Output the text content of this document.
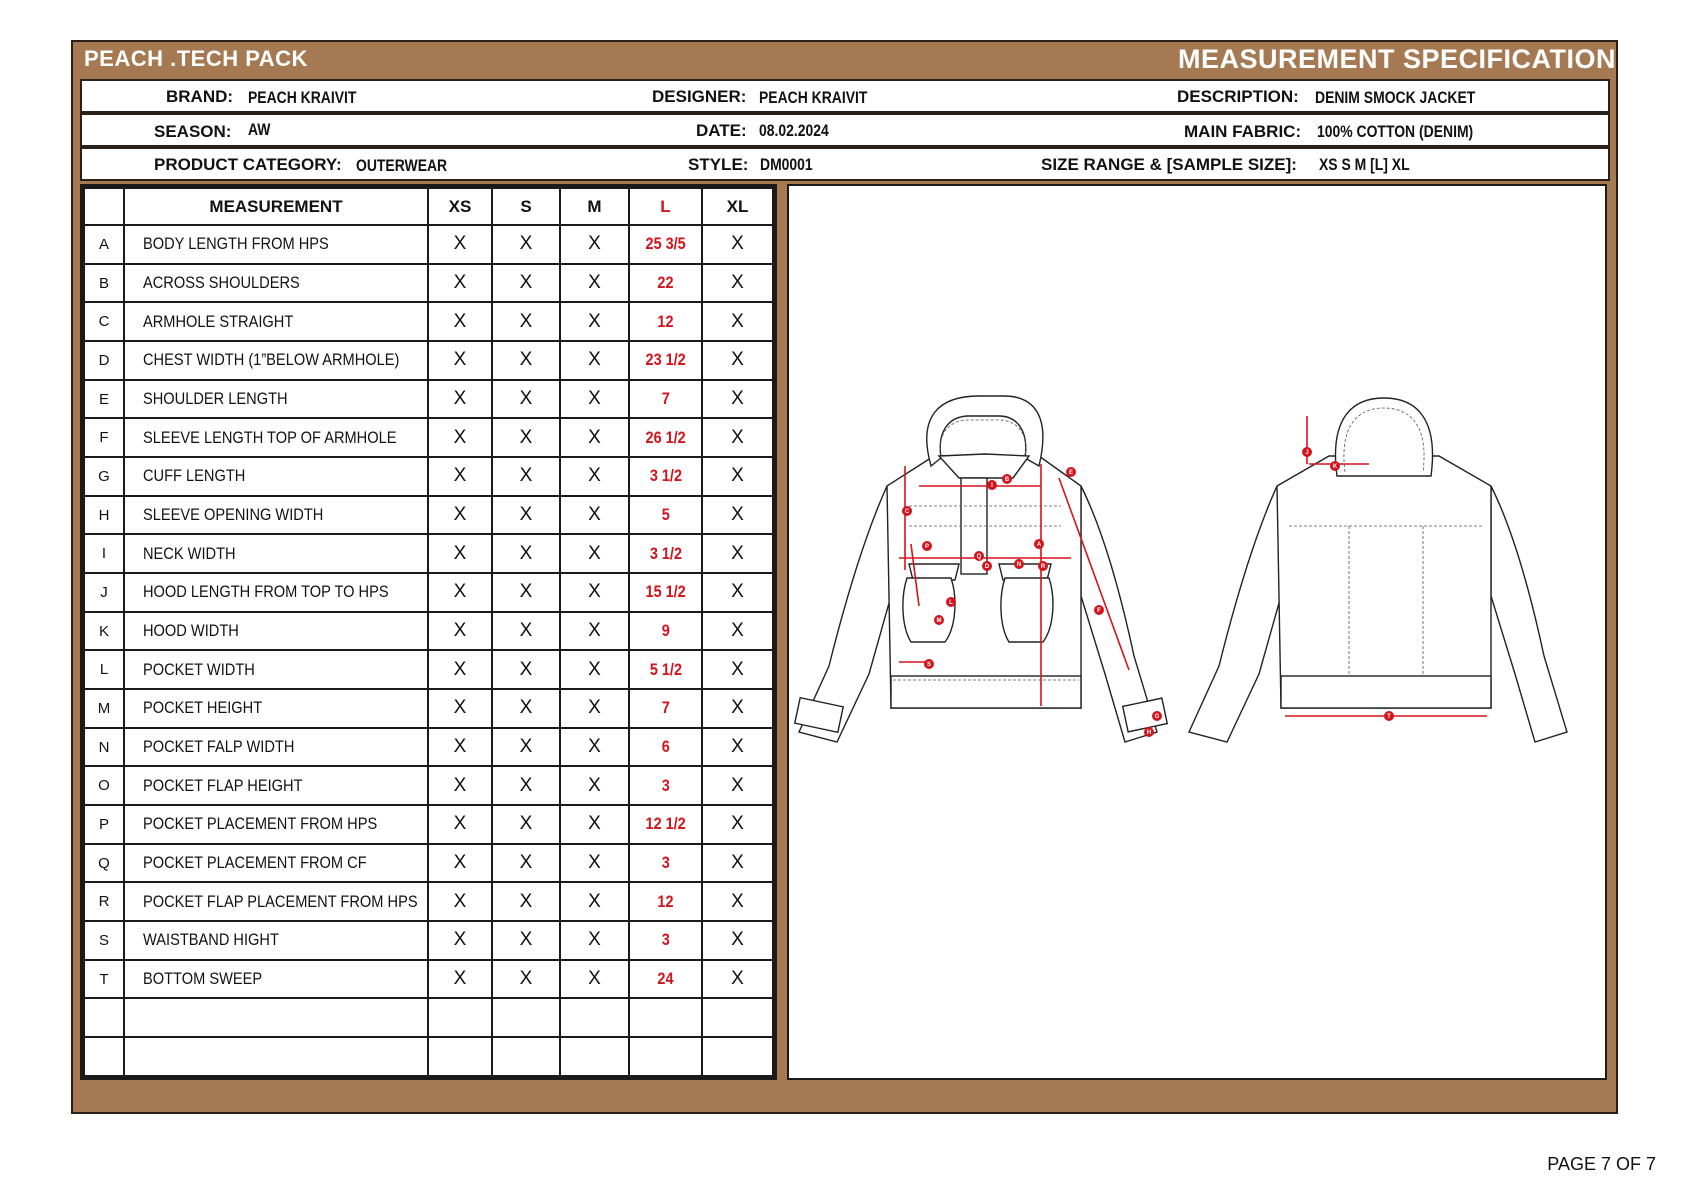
PEACH .TECH PACK	MEASUREMENT SPECIFICATION
BRAND: PEACH KRAIVIT	DESIGNER: PEACH KRAIVIT	DESCRIPTION: DENIM SMOCK JACKET
SEASON: AW	DATE: 08.02.2024	MAIN FABRIC: 100% COTTON (DENIM)
PRODUCT CATEGORY: OUTERWEAR	STYLE: DM0001	SIZE RANGE & [SAMPLE SIZE]: XS S M [L] XL
	MEASUREMENT	XS	S	M	L	XL
A	BODY LENGTH FROM HPS	X	X	X	25 3/5	X
B	ACROSS SHOULDERS	X	X	X	22	X
C	ARMHOLE STRAIGHT	X	X	X	12	X
D	CHEST WIDTH (1”BELOW ARMHOLE)	X	X	X	23 1/2	X
E	SHOULDER LENGTH	X	X	X	7	X
F	SLEEVE LENGTH TOP OF ARMHOLE	X	X	X	26 1/2	X
G	CUFF LENGTH	X	X	X	3 1/2	X
H	SLEEVE OPENING WIDTH	X	X	X	5	X
I	NECK WIDTH	X	X	X	3 1/2	X
J	HOOD LENGTH FROM TOP TO HPS	X	X	X	15 1/2	X
K	HOOD WIDTH	X	X	X	9	X
L	POCKET WIDTH	X	X	X	5 1/2	X
M	POCKET HEIGHT	X	X	X	7	X
N	POCKET FALP WIDTH	X	X	X	6	X
O	POCKET FLAP HEIGHT	X	X	X	3	X
P	POCKET PLACEMENT FROM HPS	X	X	X	12 1/2	X
Q	POCKET PLACEMENT FROM CF	X	X	X	3	X
R	POCKET FLAP PLACEMENT FROM HPS	X	X	X	12	X
S	WAISTBAND HIGHT	X	X	X	3	X
T	BOTTOM SWEEP	X	X	X	24	X

I
B
C
P
D
Q
A
R
N
M
L
E
F
S
G
H
J
K
T
PAGE 7 OF 7
